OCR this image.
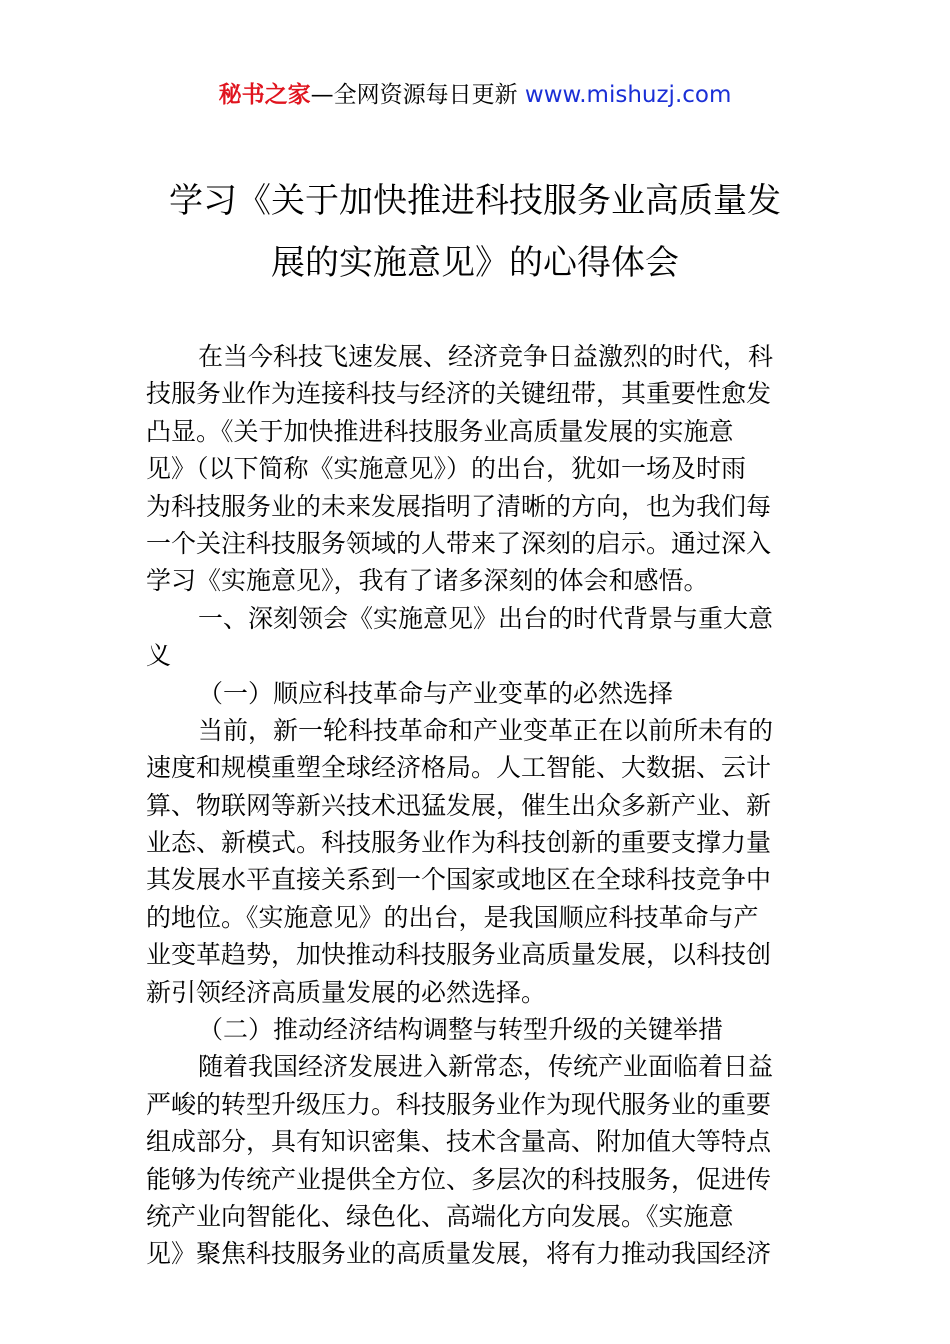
秘书之家—全网资源每日更新 www.mishuzj.com
学习《关于加快推进科技服务业高质量发
展的实施意见》的心得体会
在当今科技飞速发展、经济竞争日益激烈的时代，科
技服务业作为连接科技与经济的关键纽带，其重要性愈发
凸显。《关于加快推进科技服务业高质量发展的实施意
见》（以下简称《实施意见》）的出台，犹如一场及时雨
为科技服务业的未来发展指明了清晰的方向，也为我们每
一个关注科技服务领域的人带来了深刻的启示。通过深入
学习《实施意见》，我有了诸多深刻的体会和感悟。
一、深刻领会《实施意见》出台的时代背景与重大意
义
（一）顺应科技革命与产业变革的必然选择
当前，新一轮科技革命和产业变革正在以前所未有的
速度和规模重塑全球经济格局。人工智能、大数据、云计
算、物联网等新兴技术迅猛发展，催生出众多新产业、新
业态、新模式。科技服务业作为科技创新的重要支撑力量
其发展水平直接关系到一个国家或地区在全球科技竞争中
的地位。《实施意见》的出台，是我国顺应科技革命与产
业变革趋势，加快推动科技服务业高质量发展，以科技创
新引领经济高质量发展的必然选择。
（二）推动经济结构调整与转型升级的关键举措
随着我国经济发展进入新常态，传统产业面临着日益
严峻的转型升级压力。科技服务业作为现代服务业的重要
组成部分，具有知识密集、技术含量高、附加值大等特点
能够为传统产业提供全方位、多层次的科技服务，促进传
统产业向智能化、绿色化、高端化方向发展。《实施意
见》聚焦科技服务业的高质量发展，将有力推动我国经济
